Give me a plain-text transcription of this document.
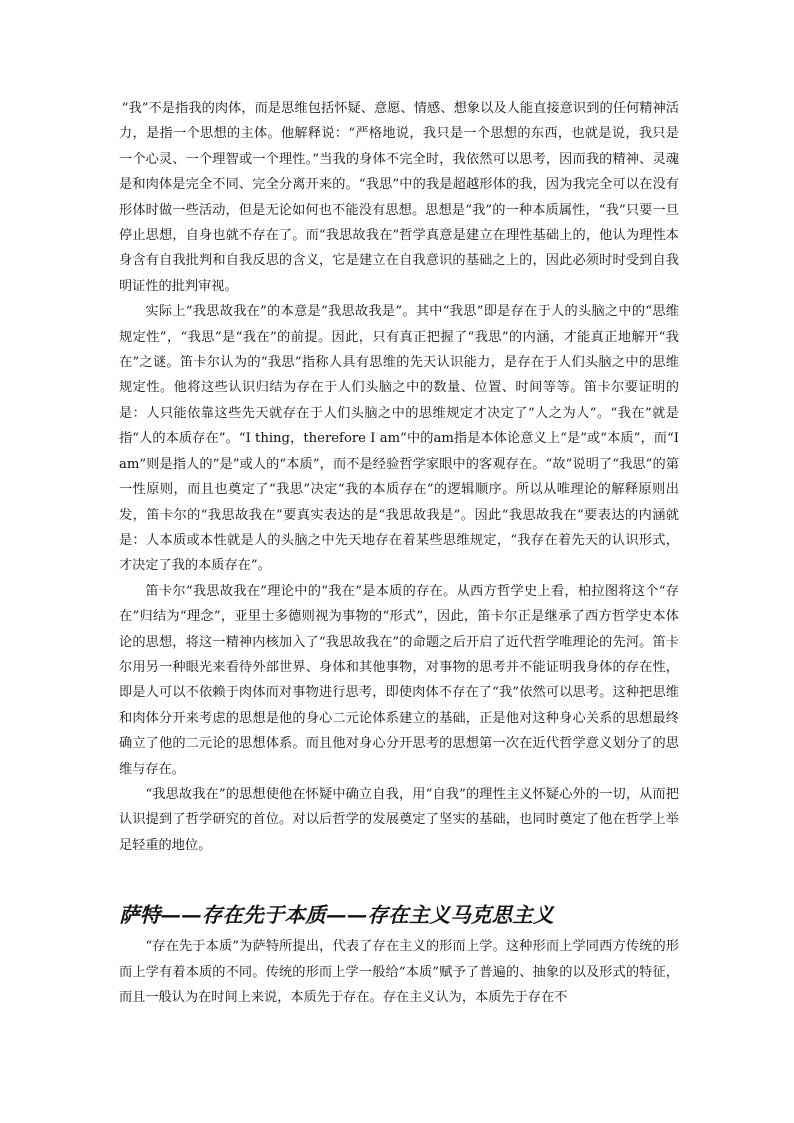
“我”不是指我的肉体，而是思维包括怀疑、意愿、情感、想象以及人能直接意识到的任何精神活力，是指一个思想的主体。他解释说：“严格地说，我只是一个思想的东西，也就是说，我只是一个心灵、一个理智或一个理性。”当我的身体不完全时，我依然可以思考，因而我的精神、灵魂是和肉体是完全不同、完全分离开来的。“我思”中的我是超越形体的我，因为我完全可以在没有形体时做一些活动，但是无论如何也不能没有思想。思想是“我”的一种本质属性，“我”只要一旦停止思想，自身也就不存在了。而“我思故我在”哲学真意是建立在理性基础上的，他认为理性本身含有自我批判和自我反思的含义，它是建立在自我意识的基础之上的，因此必须时时受到自我明证性的批判审视。

实际上“我思故我在”的本意是“我思故我是”。其中“我思”即是存在于人的头脑之中的“思维规定性”，“我思”是“我在”的前提。因此，只有真正把握了“我思”的内涵，才能真正地解开“我在”之谜。笛卡尔认为的“我思”指称人具有思维的先天认识能力，是存在于人们头脑之中的思维规定性。他将这些认识归结为存在于人们头脑之中的数量、位置、时间等等。笛卡尔要证明的是：人只能依靠这些先天就存在于人们头脑之中的思维规定才决定了“人之为人”。“我在”就是指“人的本质存在”。“I thing，therefore I am”中的am指是本体论意义上“是”或“本质”，而“I am”则是指人的“是”或人的“本质”，而不是经验哲学家眼中的客观存在。“故”说明了“我思”的第一性原则，而且也奠定了“我思”决定“我的本质存在”的逻辑顺序。所以从唯理论的解释原则出发，笛卡尔的“我思故我在”要真实表达的是“我思故我是”。因此“我思故我在”要表达的内涵就是：人本质或本性就是人的头脑之中先天地存在着某些思维规定，“我存在着先天的认识形式，才决定了我的本质存在”。

笛卡尔“我思故我在”理论中的“我在”是本质的存在。从西方哲学史上看，柏拉图将这个“存在”归结为“理念”，亚里士多德则视为事物的“形式”，因此，笛卡尔正是继承了西方哲学史本体论的思想，将这一精神内核加入了“我思故我在”的命题之后开启了近代哲学唯理论的先河。笛卡尔用另一种眼光来看待外部世界、身体和其他事物，对事物的思考并不能证明我身体的存在性，即是人可以不依赖于肉体而对事物进行思考，即使肉体不存在了“我”依然可以思考。这种把思维和肉体分开来考虑的思想是他的身心二元论体系建立的基础，正是他对这种身心关系的思想最终确立了他的二元论的思想体系。而且他对身心分开思考的思想第一次在近代哲学意义划分了的思维与存在。

“我思故我在”的思想使他在怀疑中确立自我，用“自我”的理性主义怀疑心外的一切，从而把认识提到了哲学研究的首位。对以后哲学的发展奠定了坚实的基础，也同时奠定了他在哲学上举足轻重的地位。

萨特——存在先于本质——存在主义马克思主义

“存在先于本质”为萨特所提出，代表了存在主义的形而上学。这种形而上学同西方传统的形而上学有着本质的不同。传统的形而上学一般给“本质”赋予了普遍的、抽象的以及形式的特征，而且一般认为在时间上来说，本质先于存在。存在主义认为，本质先于存在不
